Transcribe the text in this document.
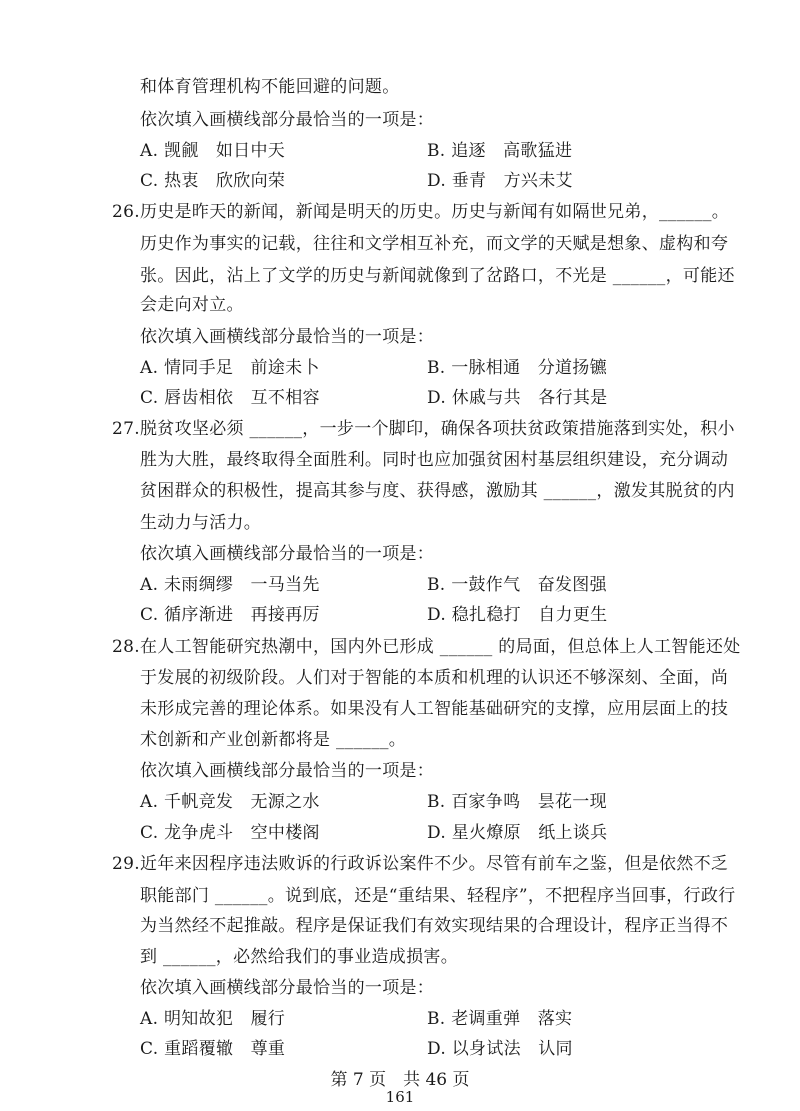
和体育管理机构不能回避的问题。
依次填入画横线部分最恰当的一项是：
A. 觊觎　如日中天	B. 追逐　高歌猛进
C. 热衷　欣欣向荣	D. 垂青　方兴未艾
26. 历史是昨天的新闻，新闻是明天的历史。历史与新闻有如隔世兄弟，______。
历史作为事实的记载，往往和文学相互补充，而文学的天赋是想象、虚构和夸
张。因此，沾上了文学的历史与新闻就像到了岔路口，不光是 ______，可能还
会走向对立。
依次填入画横线部分最恰当的一项是：
A. 情同手足　前途未卜	B. 一脉相通　分道扬镳
C. 唇齿相依　互不相容	D. 休戚与共　各行其是
27. 脱贫攻坚必须 ______，一步一个脚印，确保各项扶贫政策措施落到实处，积小
胜为大胜，最终取得全面胜利。同时也应加强贫困村基层组织建设，充分调动
贫困群众的积极性，提高其参与度、获得感，激励其 ______，激发其脱贫的内
生动力与活力。
依次填入画横线部分最恰当的一项是：
A. 未雨绸缪　一马当先	B. 一鼓作气　奋发图强
C. 循序渐进　再接再厉	D. 稳扎稳打　自力更生
28. 在人工智能研究热潮中，国内外已形成 ______ 的局面，但总体上人工智能还处
于发展的初级阶段。人们对于智能的本质和机理的认识还不够深刻、全面，尚
未形成完善的理论体系。如果没有人工智能基础研究的支撑，应用层面上的技
术创新和产业创新都将是 ______。
依次填入画横线部分最恰当的一项是：
A. 千帆竞发　无源之水	B. 百家争鸣　昙花一现
C. 龙争虎斗　空中楼阁	D. 星火燎原　纸上谈兵
29. 近年来因程序违法败诉的行政诉讼案件不少。尽管有前车之鉴，但是依然不乏
职能部门 ______。说到底，还是“重结果、轻程序”，不把程序当回事，行政行
为当然经不起推敲。程序是保证我们有效实现结果的合理设计，程序正当得不
到 ______，必然给我们的事业造成损害。
依次填入画横线部分最恰当的一项是：
A. 明知故犯　履行	B. 老调重弹　落实
C. 重蹈覆辙　尊重	D. 以身试法　认同
第 7 页　共 46 页
161
